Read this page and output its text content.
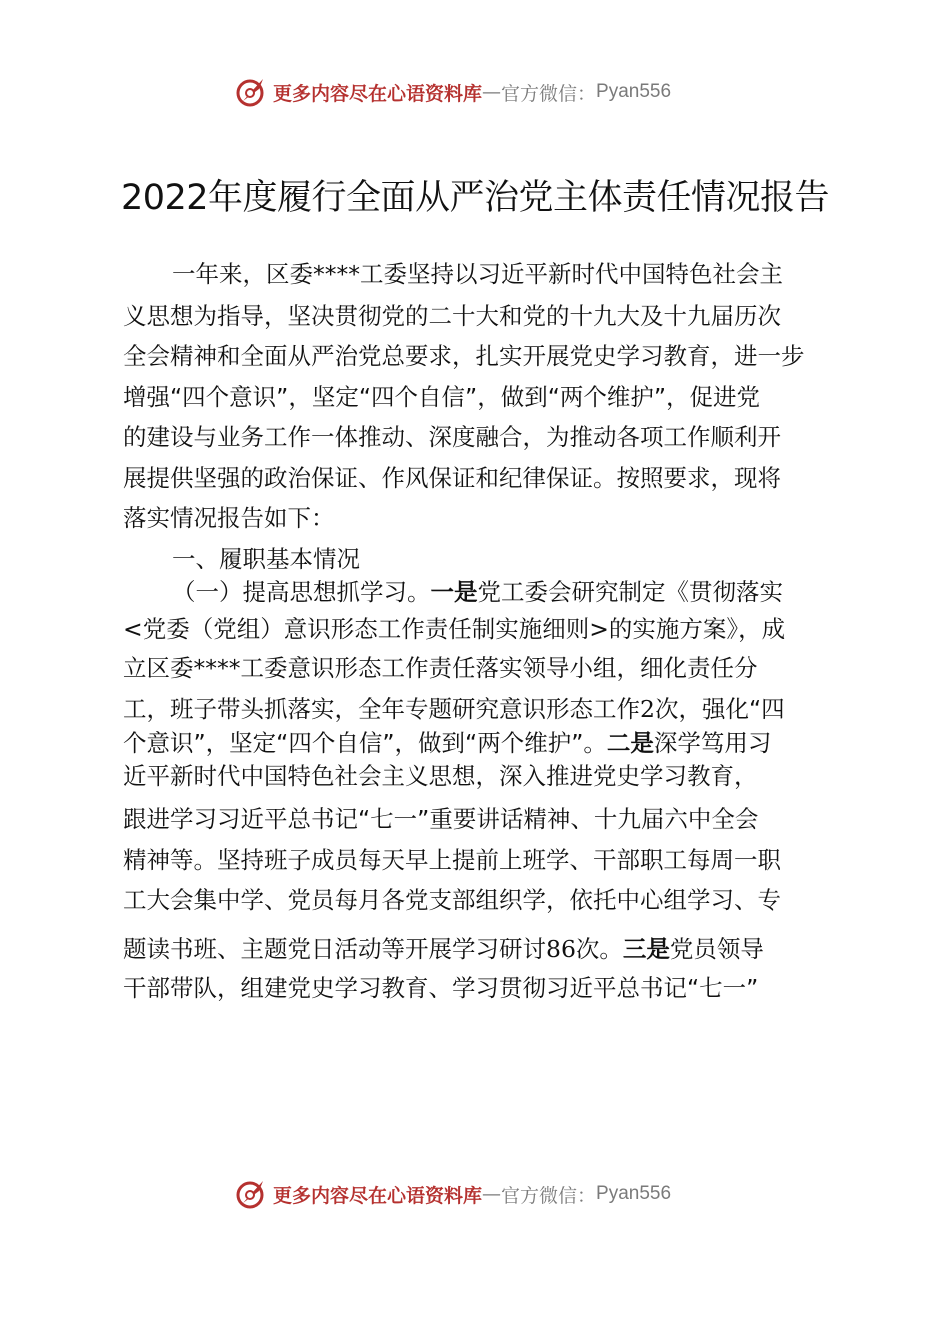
更多内容尽在心语资料库 — 官方微信： Pyan556
2022年度履行全面从严治党主体责任情况报告
一年来，区委****工委坚持以习近平新时代中国特色社会主
义思想为指导，坚决贯彻党的二十大和党的十九大及十九届历次
全会精神和全面从严治党总要求，扎实开展党史学习教育，进一步
增强“四个意识”，坚定“四个自信”，做到“两个维护”，促进党
的建设与业务工作一体推动、深度融合，为推动各项工作顺利开
展提供坚强的政治保证、作风保证和纪律保证。按照要求，现将
落实情况报告如下：
一、履职基本情况
（一）提高思想抓学习。一是党工委会研究制定《贯彻落实
<党委（党组）意识形态工作责任制实施细则>的实施方案》，成
立区委****工委意识形态工作责任落实领导小组，细化责任分
工，班子带头抓落实，全年专题研究意识形态工作2次，强化“四
个意识”，坚定“四个自信”，做到“两个维护”。二是深学笃用习
近平新时代中国特色社会主义思想，深入推进党史学习教育，
跟进学习习近平总书记“七一”重要讲话精神、十九届六中全会
精神等。坚持班子成员每天早上提前上班学、干部职工每周一职
工大会集中学、党员每月各党支部组织学，依托中心组学习、专
题读书班、主题党日活动等开展学习研讨86次。三是党员领导
干部带队，组建党史学习教育、学习贯彻习近平总书记“七一”
更多内容尽在心语资料库 — 官方微信： Pyan556
